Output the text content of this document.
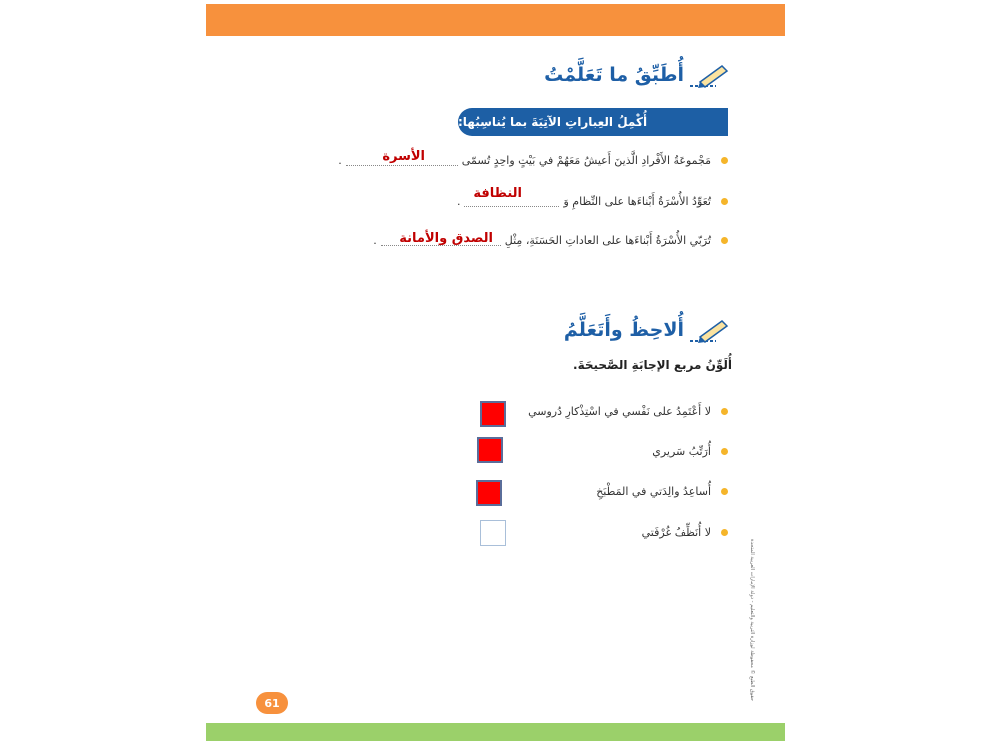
أُطَبِّقُ ما تَعَلَّمْتُ
أُكْمِلُ العِباراتِ الآتِيَةَ بما يُناسِبُها:
مَجْموعَةُ الأَفْرادِ الَّذينَ أَعيشُ مَعَهُمْ في بَيْتٍ واحِدٍ تُسمّى
.	الأسرة
تُعَوِّدُ الأُسْرَةُ أَبْناءَها على النِّظامِ وَ
.
النظافة
تُرَبّي الأُسْرَةُ أَبْناءَها على العاداتِ الحَسَنَةِ، مِثْلِ
. الصدق والأمانة
أُلاحِظُ وأَتَعَلَّمُ
أُلَوِّنُ مربع الإجابَةِ الصَّحيحَةَ.
لا أَعْتَمِدُ على نَفْسي في اسْتِذْكارِ دُروسي
أُرَتِّبُ سَريري
أُساعِدُ والِدَتي في المَطْبَخِ
لا أُنَظِّفُ غُرْفَتي
حقوق الطبع © محفوظة لوزارة التربية والتعليم - دولة الإمارات العربية المتحدة
61
